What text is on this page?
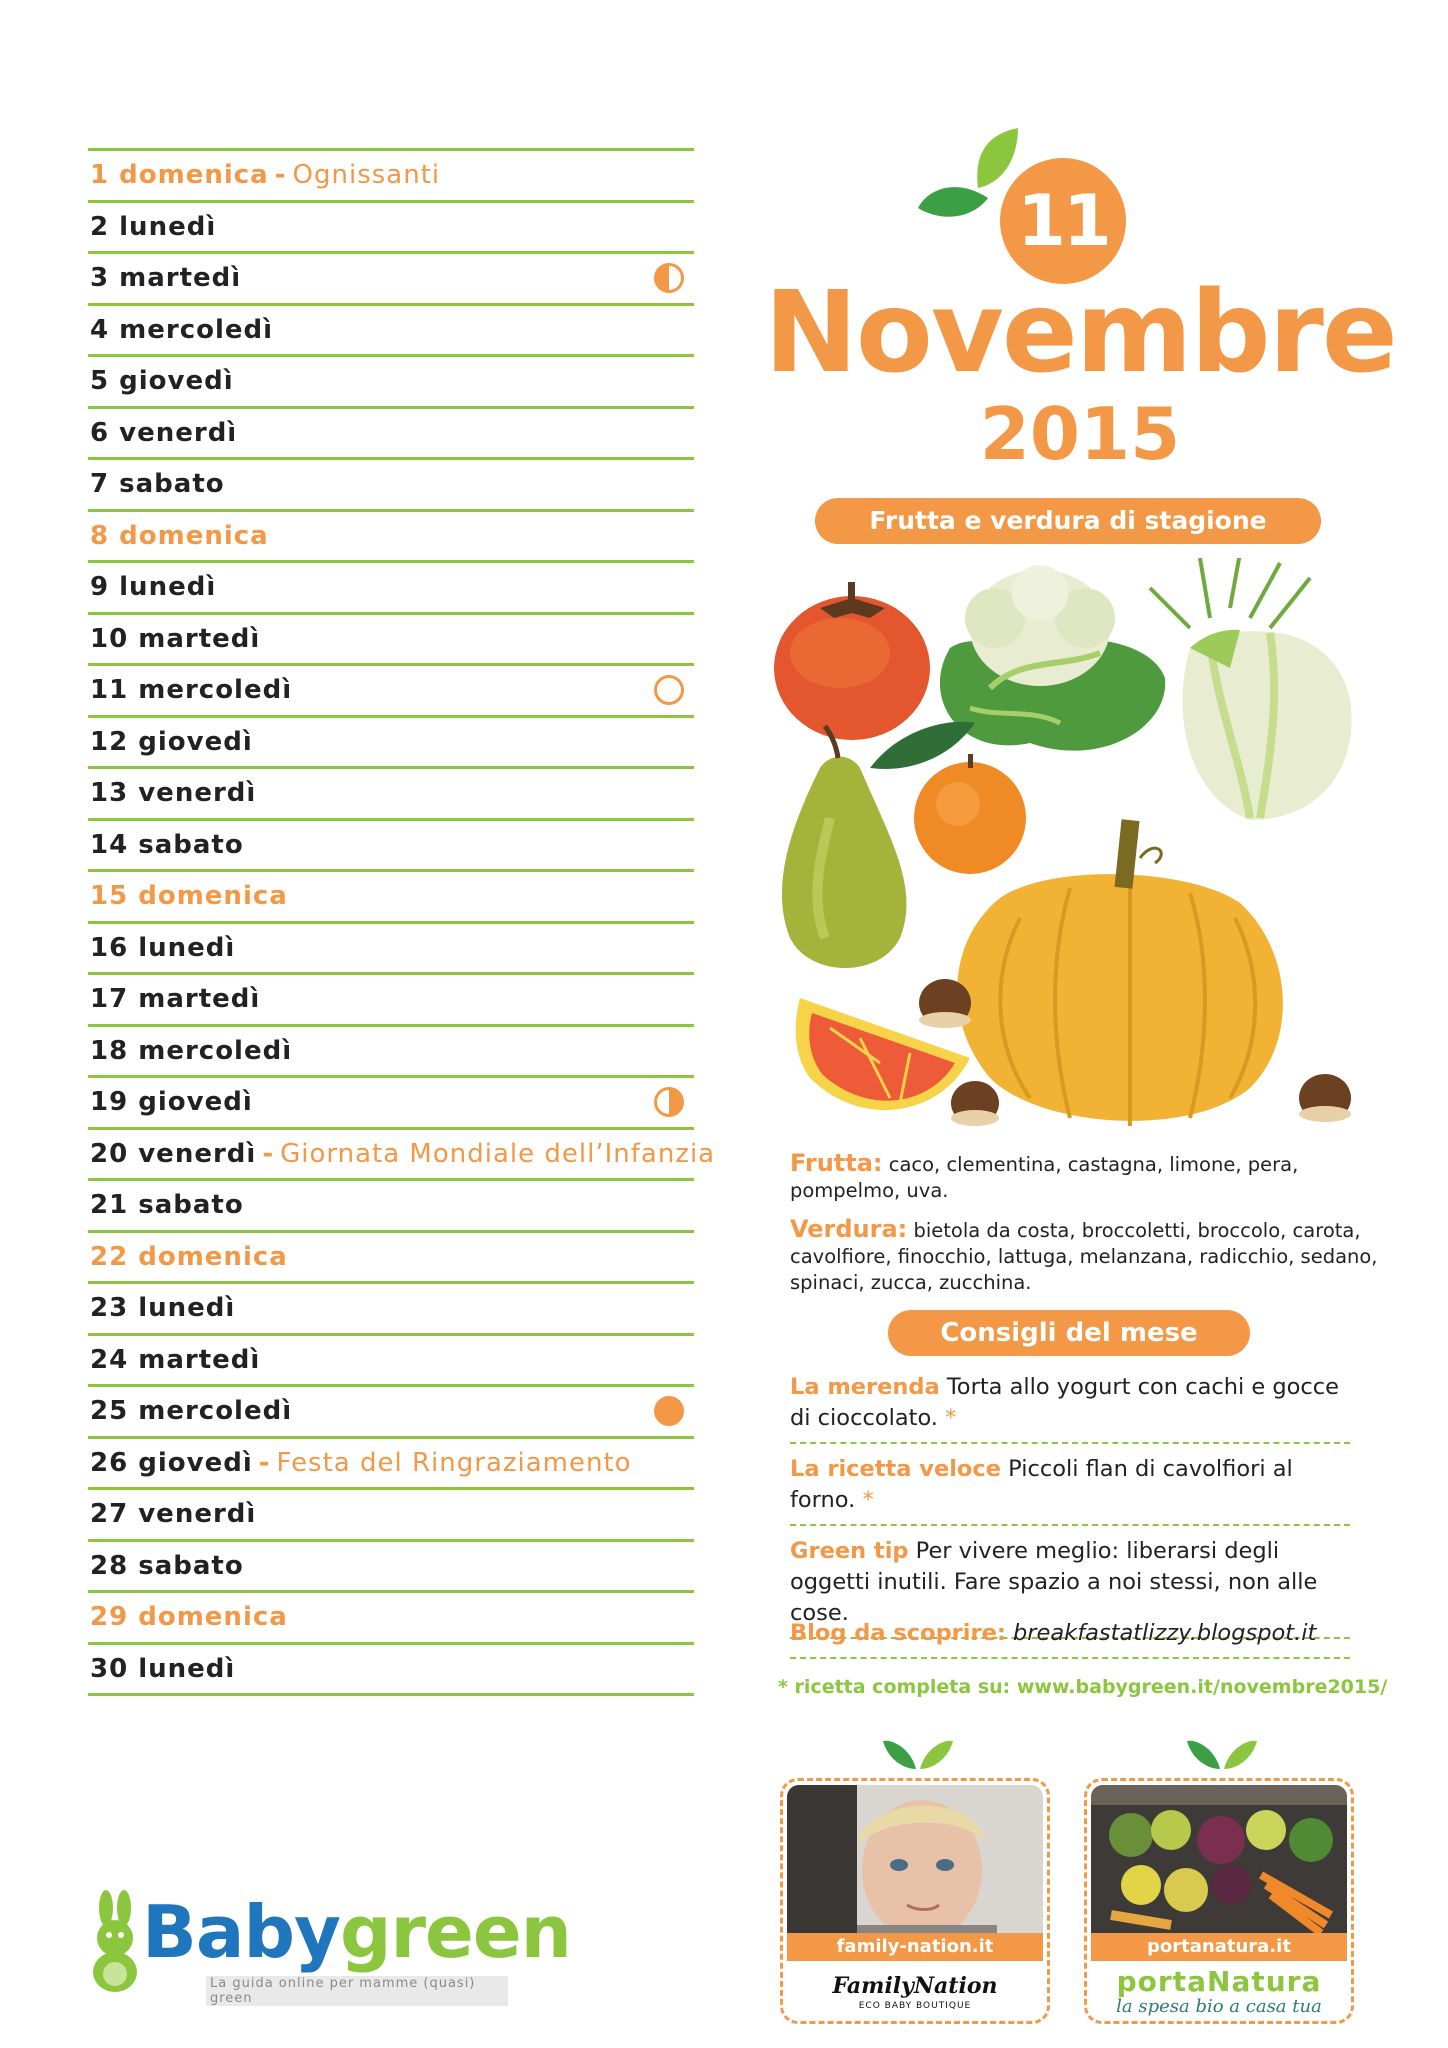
1 domenica - Ognissanti
2 lunedì
3 martedì
4 mercoledì
5 giovedì
6 venerdì
7 sabato
8 domenica
9 lunedì
10 martedì
11 mercoledì
12 giovedì
13 venerdì
14 sabato
15 domenica
16 lunedì
17 martedì
18 mercoledì
19 giovedì
20 venerdì - Giornata Mondiale dell’Infanzia
21 sabato
22 domenica
23 lunedì
24 martedì
25 mercoledì
26 giovedì - Festa del Ringraziamento
27 venerdì
28 sabato
29 domenica
30 lunedì
11
Novembre
2015
Frutta e verdura di stagione
Frutta: caco, clementina, castagna, limone, pera, pompelmo, uva.
Verdura: bietola da costa, broccoletti, broccolo, carota, cavolfiore, finocchio, lattuga, melanzana, radicchio, sedano, spinaci, zucca, zucchina.
Consigli del mese
La merenda Torta allo yogurt con cachi e gocce di cioccolato. *
La ricetta veloce Piccoli flan di cavolfiori al forno. *
Green tip Per vivere meglio: liberarsi degli oggetti inutili. Fare spazio a noi stessi, non alle cose.
Blog da scoprire: breakfastatlizzy.blogspot.it
* ricetta completa su: www.babygreen.it/novembre2015/
family-nation.it
FamilyNation
ECO BABY BOUTIQUE
portanatura.it
portaNatura
la spesa bio a casa tua
Babygreen
La guida online per mamme (quasi) green
